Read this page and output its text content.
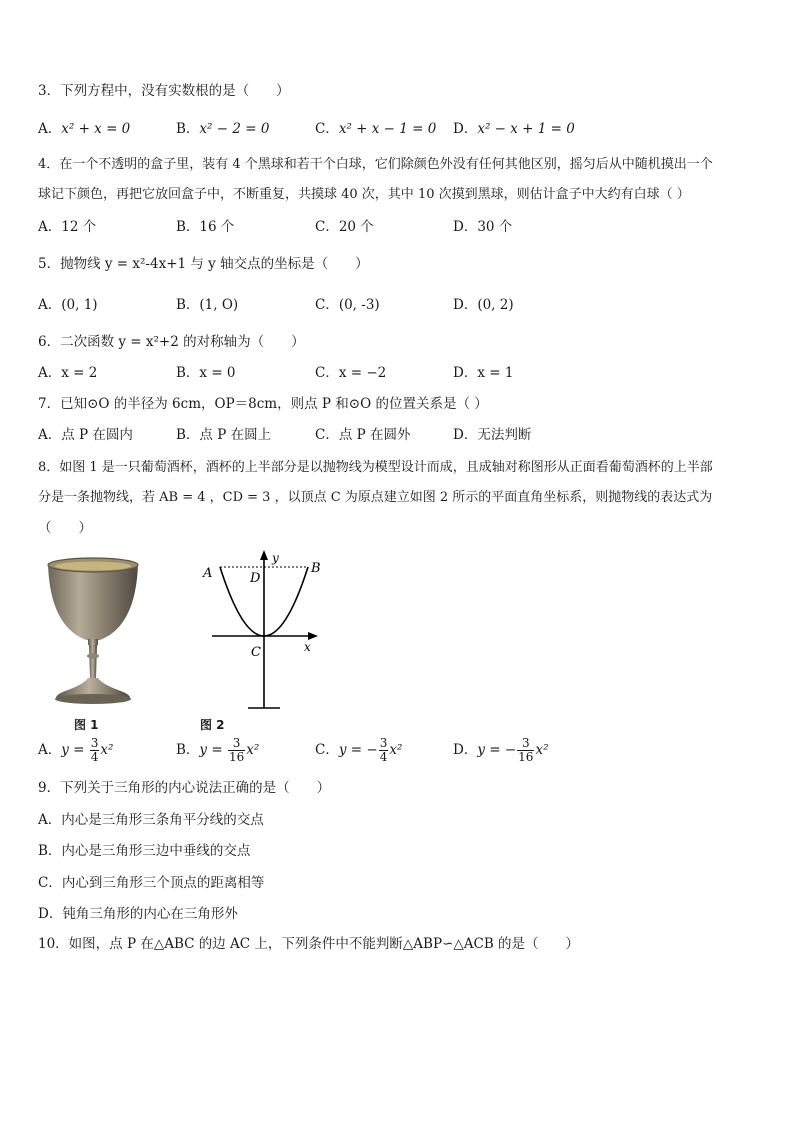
3．下列方程中，没有实数根的是（　　）
A．x² + x = 0	B．x² − 2 = 0	C．x² + x − 1 = 0 D．x² − x + 1 = 0
4．在一个不透明的盒子里，装有 4 个黑球和若干个白球，它们除颜色外没有任何其他区别，摇匀后从中随机摸出一个
球记下颜色，再把它放回盒子中，不断重复，共摸球 40 次，其中 10 次摸到黑球，则估计盒子中大约有白球（ ）
A．12 个	B．16 个	C．20 个	D．30 个
5．抛物线 y = x²-4x+1 与 y 轴交点的坐标是（　　）
A．(0, 1)	B．(1, O)	C．(0, -3)	D．(0, 2)
6．二次函数 y = x²+2 的对称轴为（　　）
A．x = 2	B．x = 0	C．x = −2	D．x = 1
7．已知⊙O 的半径为 6cm，OP＝8cm，则点 P 和⊙O 的位置关系是（ ）
A．点 P 在圆内	B．点 P 在圆上	C．点 P 在圆外	D．无法判断
8．如图 1 是一只葡萄酒杯，酒杯的上半部分是以抛物线为模型设计而成，且成轴对称图形从正面看葡萄酒杯的上半部
分是一条抛物线，若 AB = 4 ，CD = 3 ，以顶点 C 为原点建立如图 2 所示的平面直角坐标系，则抛物线的表达式为
（　　）
图 1
A	B
D
C
y
x
图 2
A．$y = \frac{3}{4} x^2$	B．$y = \frac{3}{16} x^2$	C．y = − $\frac{3}{4} x^2$	D．y = − $\frac{3}{16} x^2$
9．下列关于三角形的内心说法正确的是（　　）
A．内心是三角形三条角平分线的交点
B．内心是三角形三边中垂线的交点
C．内心到三角形三个顶点的距离相等
D．钝角三角形的内心在三角形外
10．如图，点 P 在△ABC 的边 AC 上，下列条件中不能判断△ABP∽△ACB 的是（　　）
